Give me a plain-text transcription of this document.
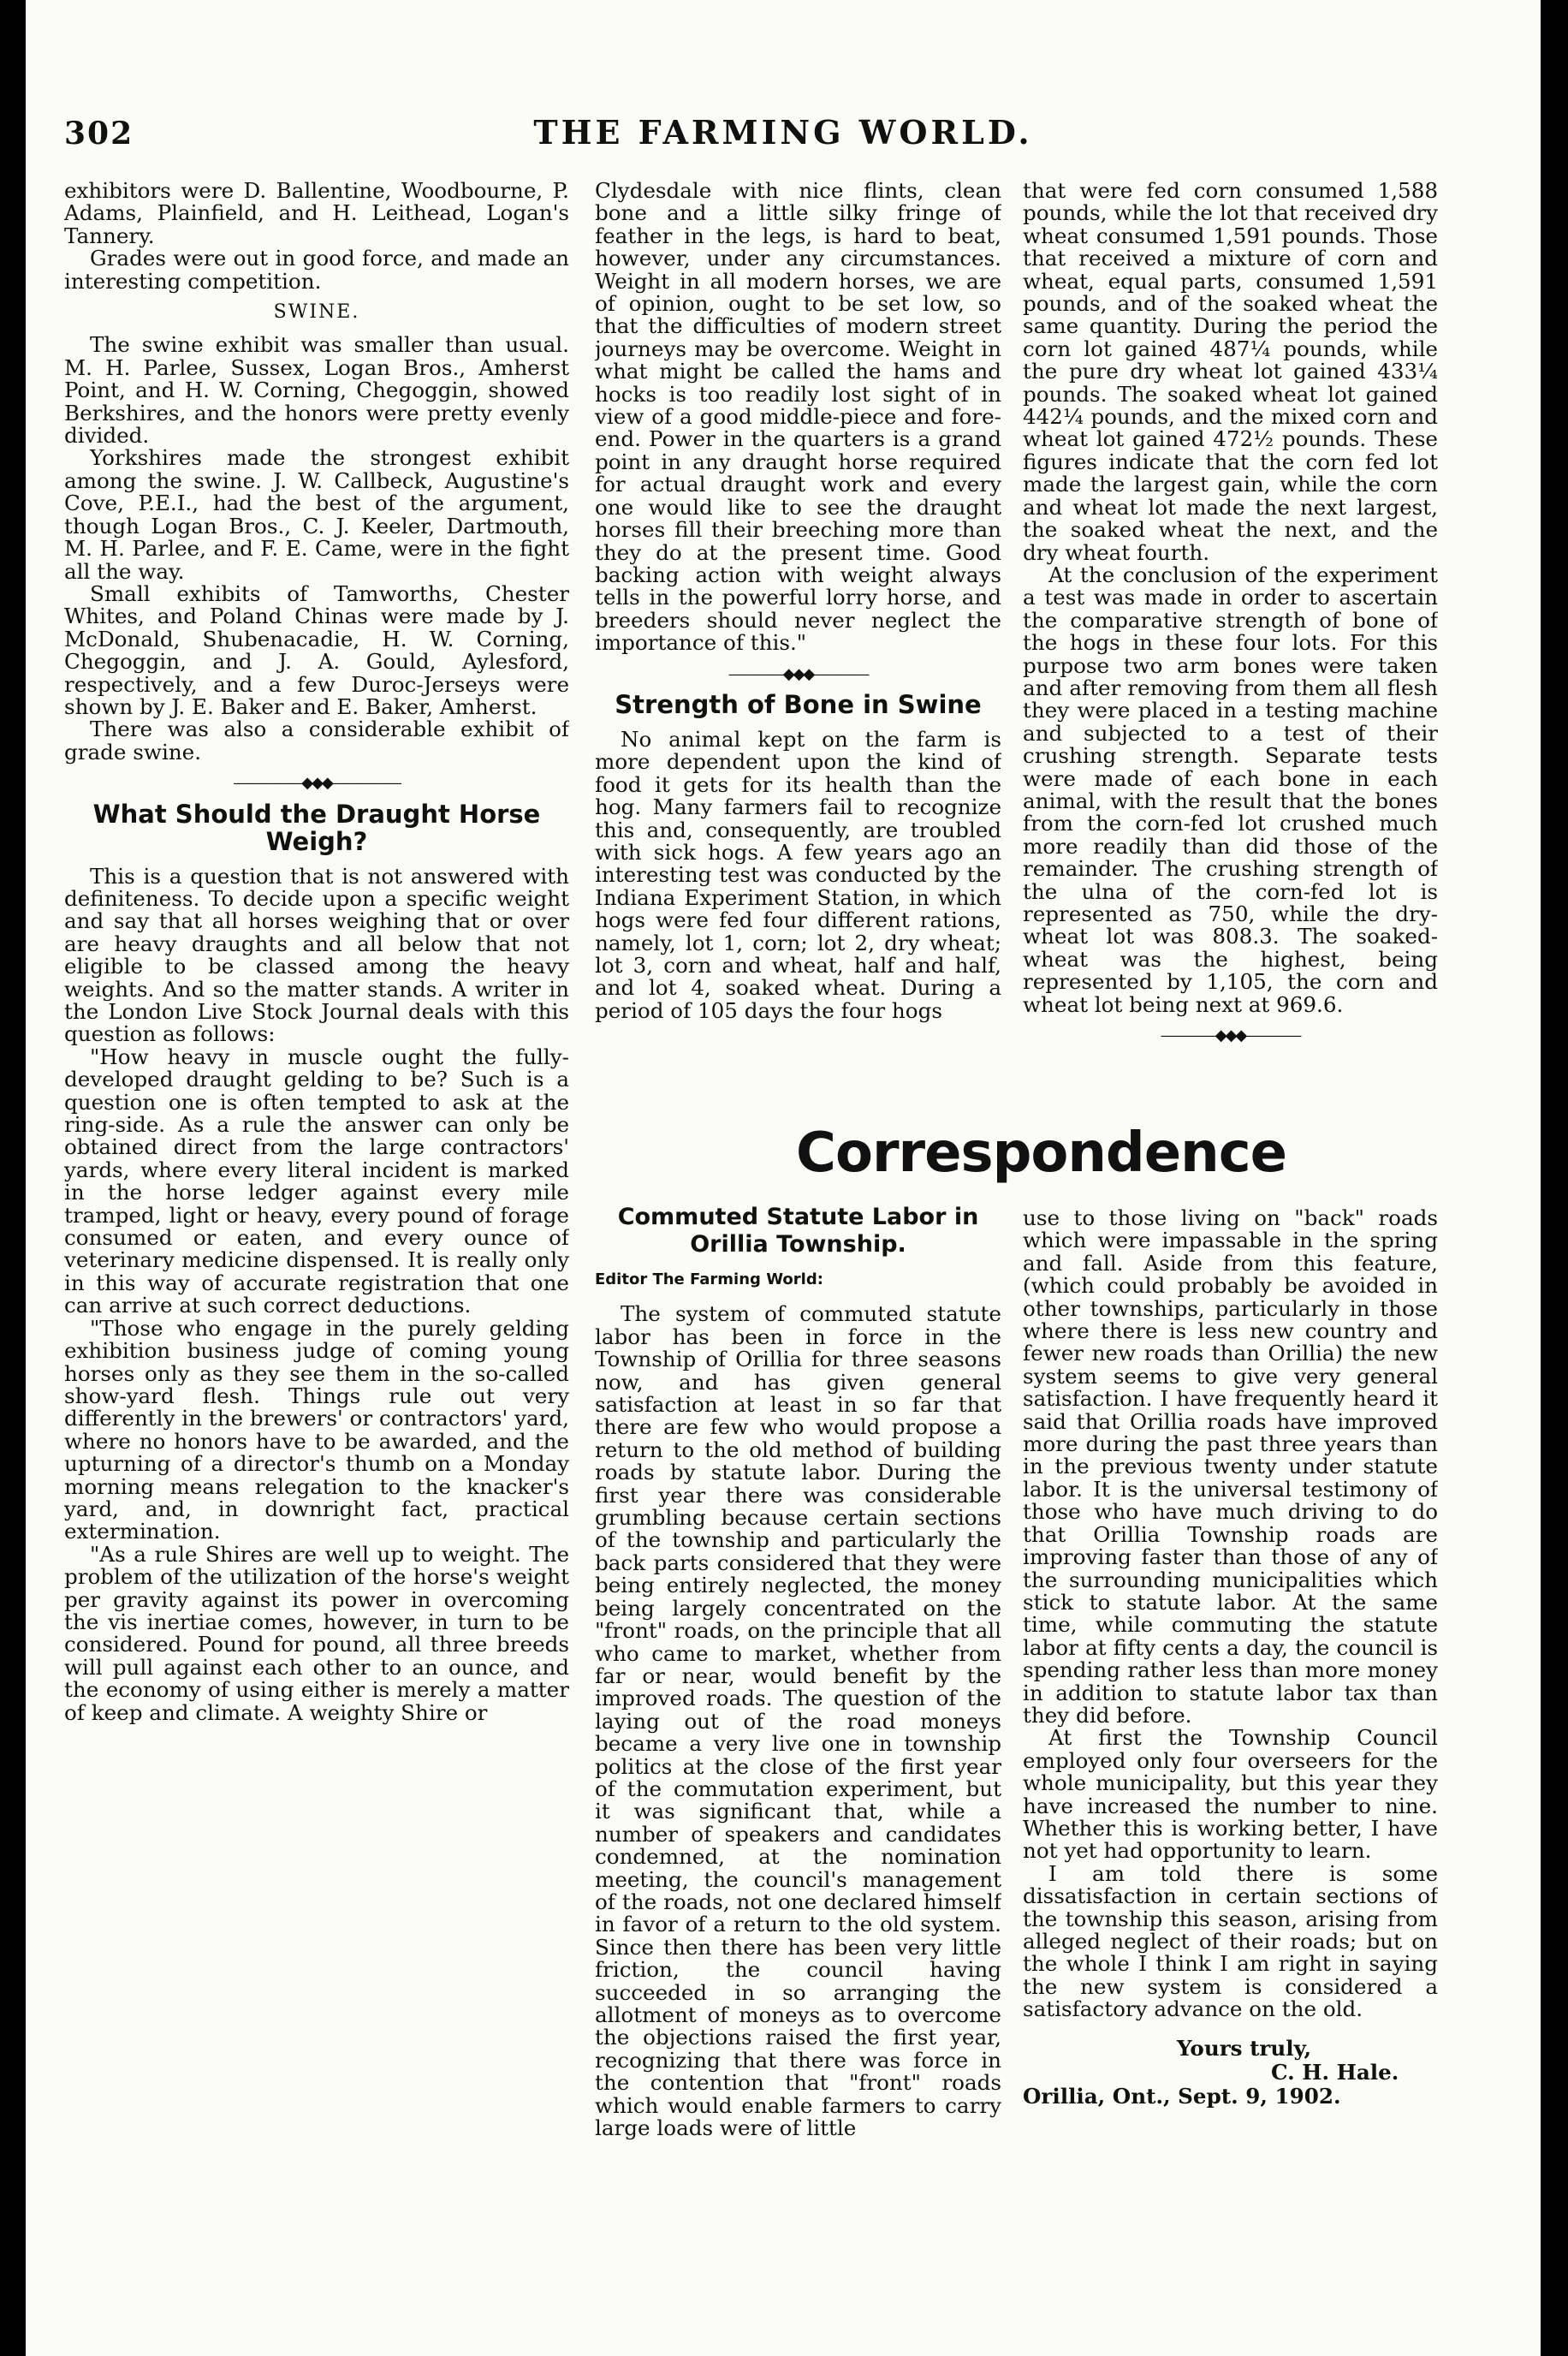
302	THE FARMING WORLD.

exhibitors were D. Ballentine, Woodbourne, P. Adams, Plainfield, and H. Leithead, Logan's Tannery.

Grades were out in good force, and made an interesting competition.

SWINE.

The swine exhibit was smaller than usual. M. H. Parlee, Sussex, Logan Bros., Amherst Point, and H. W. Corning, Chegoggin, showed Berkshires, and the honors were pretty evenly divided.

Yorkshires made the strongest exhibit among the swine. J. W. Callbeck, Augustine's Cove, P.E.I., had the best of the argument, though Logan Bros., C. J. Keeler, Dartmouth, M. H. Parlee, and F. E. Came, were in the fight all the way.

Small exhibits of Tamworths, Chester Whites, and Poland Chinas were made by J. McDonald, Shubenacadie, H. W. Corning, Chegoggin, and J. A. Gould, Aylesford, respectively, and a few Duroc-Jerseys were shown by J. E. Baker and E. Baker, Amherst.

There was also a considerable exhibit of grade swine.

—————◆◆◆—————
What Should the Draught Horse Weigh?

This is a question that is not answered with definiteness. To decide upon a specific weight and say that all horses weighing that or over are heavy draughts and all below that not eligible to be classed among the heavy weights. And so the matter stands. A writer in the London Live Stock Journal deals with this question as follows:

"How heavy in muscle ought the fully-developed draught gelding to be? Such is a question one is often tempted to ask at the ring-side. As a rule the answer can only be obtained direct from the large contractors' yards, where every literal incident is marked in the horse ledger against every mile tramped, light or heavy, every pound of forage consumed or eaten, and every ounce of veterinary medicine dispensed. It is really only in this way of accurate registration that one can arrive at such correct deductions.

"Those who engage in the purely gelding exhibition business judge of coming young horses only as they see them in the so-called show-yard flesh. Things rule out very differently in the brewers' or contractors' yard, where no honors have to be awarded, and the upturning of a director's thumb on a Monday morning means relegation to the knacker's yard, and, in downright fact, practical extermination.

"As a rule Shires are well up to weight. The problem of the utilization of the horse's weight per gravity against its power in overcoming the vis inertiae comes, however, in turn to be considered. Pound for pound, all three breeds will pull against each other to an ounce, and the economy of using either is merely a matter of keep and climate. A weighty Shire or

Clydesdale with nice flints, clean bone and a little silky fringe of feather in the legs, is hard to beat, however, under any circumstances. Weight in all modern horses, we are of opinion, ought to be set low, so that the difficulties of modern street journeys may be overcome. Weight in what might be called the hams and hocks is too readily lost sight of in view of a good middle-piece and fore-end. Power in the quarters is a grand point in any draught horse required for actual draught work and every one would like to see the draught horses fill their breeching more than they do at the present time. Good backing action with weight always tells in the powerful lorry horse, and breeders should never neglect the importance of this."

————◆◆◆————
Strength of Bone in Swine

No animal kept on the farm is more dependent upon the kind of food it gets for its health than the hog. Many farmers fail to recognize this and, consequently, are troubled with sick hogs. A few years ago an interesting test was conducted by the Indiana Experiment Station, in which hogs were fed four different rations, namely, lot 1, corn; lot 2, dry wheat; lot 3, corn and wheat, half and half, and lot 4, soaked wheat. During a period of 105 days the four hogs

that were fed corn consumed 1,588 pounds, while the lot that received dry wheat consumed 1,591 pounds. Those that received a mixture of corn and wheat, equal parts, consumed 1,591 pounds, and of the soaked wheat the same quantity. During the period the corn lot gained 487¼ pounds, while the pure dry wheat lot gained 433¼ pounds. The soaked wheat lot gained 442¼ pounds, and the mixed corn and wheat lot gained 472½ pounds. These figures indicate that the corn fed lot made the largest gain, while the corn and wheat lot made the next largest, the soaked wheat the next, and the dry wheat fourth.

At the conclusion of the experiment a test was made in order to ascertain the comparative strength of bone of the hogs in these four lots. For this purpose two arm bones were taken and after removing from them all flesh they were placed in a testing machine and subjected to a test of their crushing strength. Separate tests were made of each bone in each animal, with the result that the bones from the corn-fed lot crushed much more readily than did those of the remainder. The crushing strength of the ulna of the corn-fed lot is represented as 750, while the dry-wheat lot was 808.3. The soaked-wheat was the highest, being represented by 1,105, the corn and wheat lot being next at 969.6.

————◆◆◆————
Correspondence
Commuted Statute Labor in Orillia Township.
Editor The Farming World:

The system of commuted statute labor has been in force in the Township of Orillia for three seasons now, and has given general satisfaction at least in so far that there are few who would propose a return to the old method of building roads by statute labor. During the first year there was considerable grumbling because certain sections of the township and particularly the back parts considered that they were being entirely neglected, the money being largely concentrated on the "front" roads, on the principle that all who came to market, whether from far or near, would benefit by the improved roads. The question of the laying out of the road moneys became a very live one in township politics at the close of the first year of the commutation experiment, but it was significant that, while a number of speakers and candidates condemned, at the nomination meeting, the council's management of the roads, not one declared himself in favor of a return to the old system. Since then there has been very little friction, the council having succeeded in so arranging the allotment of moneys as to overcome the objections raised the first year, recognizing that there was force in the contention that "front" roads which would enable farmers to carry large loads were of little

use to those living on "back" roads which were impassable in the spring and fall. Aside from this feature, (which could probably be avoided in other townships, particularly in those where there is less new country and fewer new roads than Orillia) the new system seems to give very general satisfaction. I have frequently heard it said that Orillia roads have improved more during the past three years than in the previous twenty under statute labor. It is the universal testimony of those who have much driving to do that Orillia Township roads are improving faster than those of any of the surrounding municipalities which stick to statute labor. At the same time, while commuting the statute labor at fifty cents a day, the council is spending rather less than more money in addition to statute labor tax than they did before.

At first the Township Council employed only four overseers for the whole municipality, but this year they have increased the number to nine. Whether this is working better, I have not yet had opportunity to learn.

I am told there is some dissatisfaction in certain sections of the township this season, arising from alleged neglect of their roads; but on the whole I think I am right in saying the new system is considered a satisfactory advance on the old.

Yours truly,
C. H. Hale.
Orillia, Ont., Sept. 9, 1902.
